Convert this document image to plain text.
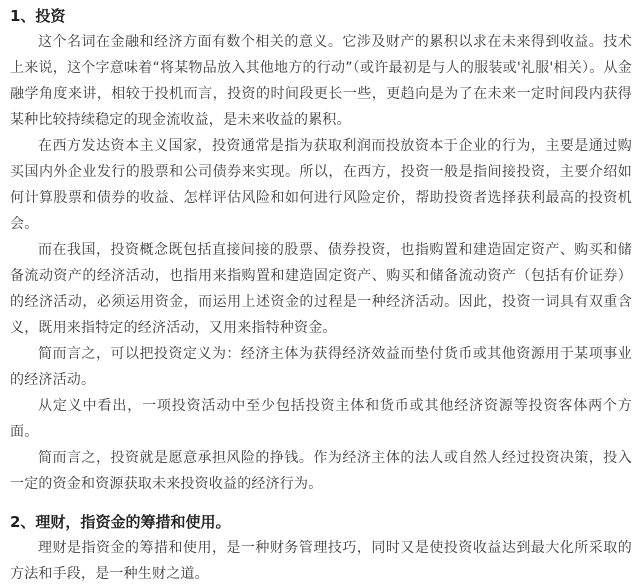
1、投资

这个名词在金融和经济方面有数个相关的意义。它涉及财产的累积以求在未来得到收益。技术上来说，这个字意味着“将某物品放入其他地方的行动”（或许最初是与人的服装或'礼服'相关）。从金融学角度来讲，相较于投机而言，投资的时间段更长一些，更趋向是为了在未来一定时间段内获得某种比较持续稳定的现金流收益，是未来收益的累积。

在西方发达资本主义国家，投资通常是指为获取利润而投放资本于企业的行为，主要是通过购买国内外企业发行的股票和公司债券来实现。所以，在西方，投资一般是指间接投资，主要介绍如何计算股票和债券的收益、怎样评估风险和如何进行风险定价，帮助投资者选择获利最高的投资机会。

而在我国，投资概念既包括直接间接的股票、债券投资，也指购置和建造固定资产、购买和储备流动资产的经济活动，也指用来指购置和建造固定资产、购买和储备流动资产（包括有价证券）的经济活动，必须运用资金，而运用上述资金的过程是一种经济活动。因此，投资一词具有双重含义，既用来指特定的经济活动，又用来指特种资金。

简而言之，可以把投资定义为：经济主体为获得经济效益而垫付货币或其他资源用于某项事业的经济活动。

从定义中看出，一项投资活动中至少包括投资主体和货币或其他经济资源等投资客体两个方面。

简而言之，投资就是愿意承担风险的挣钱。作为经济主体的法人或自然人经过投资决策，投入一定的资金和资源获取未来投资收益的经济行为。

2、理财，指资金的筹措和使用。

理财是指资金的筹措和使用，是一种财务管理技巧，同时又是使投资收益达到最大化所采取的方法和手段，是一种生财之道。
